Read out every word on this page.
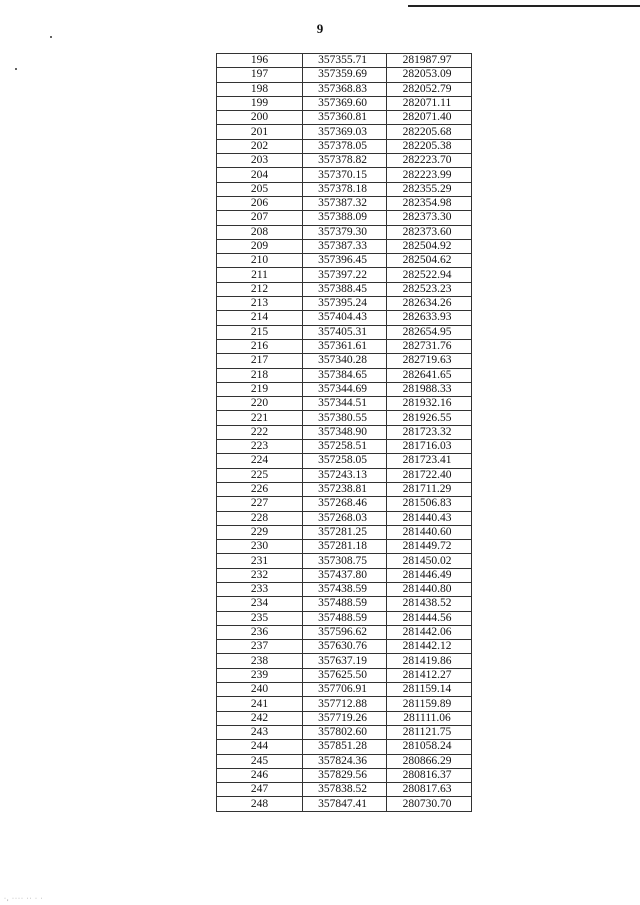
9
196	357355.71	281987.97
197	357359.69	282053.09
198	357368.83	282052.79
199	357369.60	282071.11
200	357360.81	282071.40
201	357369.03	282205.68
202	357378.05	282205.38
203	357378.82	282223.70
204	357370.15	282223.99
205	357378.18	282355.29
206	357387.32	282354.98
207	357388.09	282373.30
208	357379.30	282373.60
209	357387.33	282504.92
210	357396.45	282504.62
211	357397.22	282522.94
212	357388.45	282523.23
213	357395.24	282634.26
214	357404.43	282633.93
215	357405.31	282654.95
216	357361.61	282731.76
217	357340.28	282719.63
218	357384.65	282641.65
219	357344.69	281988.33
220	357344.51	281932.16
221	357380.55	281926.55
222	357348.90	281723.32
223	357258.51	281716.03
224	357258.05	281723.41
225	357243.13	281722.40
226	357238.81	281711.29
227	357268.46	281506.83
228	357268.03	281440.43
229	357281.25	281440.60
230	357281.18	281449.72
231	357308.75	281450.02
232	357437.80	281446.49
233	357438.59	281440.80
234	357488.59	281438.52
235	357488.59	281444.56
236	357596.62	281442.06
237	357630.76	281442.12
238	357637.19	281419.86
239	357625.50	281412.27
240	357706.91	281159.14
241	357712.88	281159.89
242	357719.26	281111.06
243	357802.60	281121.75
244	357851.28	281058.24
245	357824.36	280866.29
246	357829.56	280816.37
247	357838.52	280817.63
248	357847.41	280730.70
·, ···· ·· · ·
